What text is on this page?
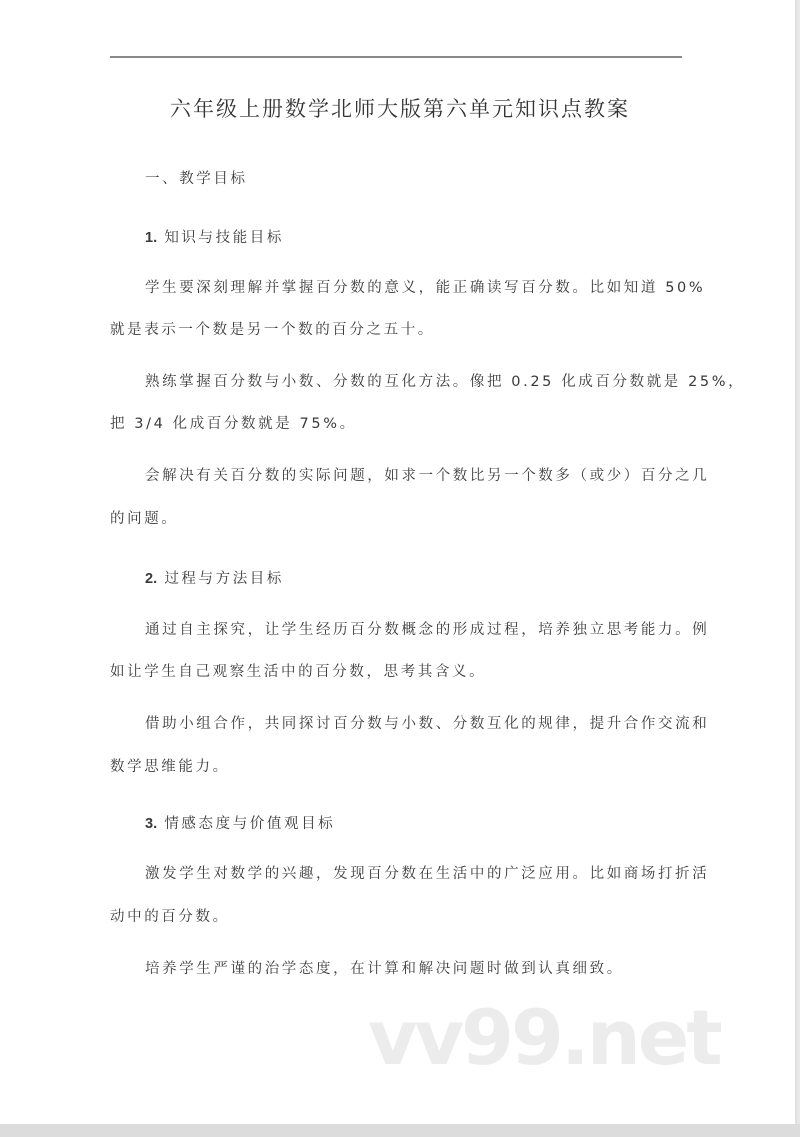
六年级上册数学北师大版第六单元知识点教案
一、教学目标
1. 知识与技能目标
学生要深刻理解并掌握百分数的意义，能正确读写百分数。比如知道 50%
就是表示一个数是另一个数的百分之五十。
熟练掌握百分数与小数、分数的互化方法。像把 0.25 化成百分数就是 25%，
把 3/4 化成百分数就是 75%。
会解决有关百分数的实际问题，如求一个数比另一个数多（或少）百分之几
的问题。
2. 过程与方法目标
通过自主探究，让学生经历百分数概念的形成过程，培养独立思考能力。例
如让学生自己观察生活中的百分数，思考其含义。
借助小组合作，共同探讨百分数与小数、分数互化的规律，提升合作交流和
数学思维能力。
3. 情感态度与价值观目标
激发学生对数学的兴趣，发现百分数在生活中的广泛应用。比如商场打折活
动中的百分数。
培养学生严谨的治学态度，在计算和解决问题时做到认真细致。
vv99.net
